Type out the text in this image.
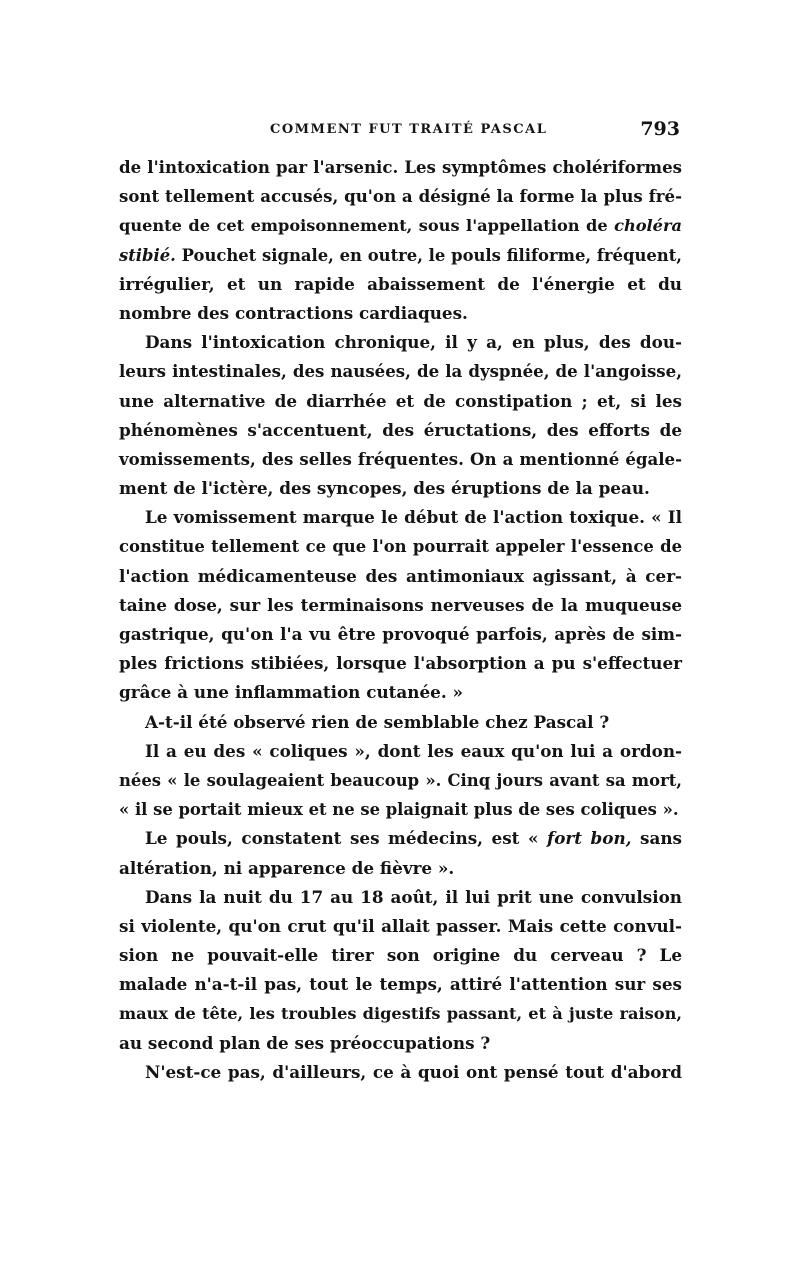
COMMENT FUT TRAITÉ PASCAL	793
de l'intoxication par l'arsenic. Les symptômes cholériformes
sont tellement accusés, qu'on a désigné la forme la plus fré-
quente de cet empoisonnement, sous l'appellation de choléra
stibié. Pouchet signale, en outre, le pouls filiforme, fréquent,
irrégulier, et un rapide abaissement de l'énergie et du
nombre des contractions cardiaques.
Dans l'intoxication chronique, il y a, en plus, des dou-
leurs intestinales, des nausées, de la dyspnée, de l'angoisse,
une alternative de diarrhée et de constipation ; et, si les
phénomènes s'accentuent, des éructations, des efforts de
vomissements, des selles fréquentes. On a mentionné égale-
ment de l'ictère, des syncopes, des éruptions de la peau.
Le vomissement marque le début de l'action toxique. « Il
constitue tellement ce que l'on pourrait appeler l'essence de
l'action médicamenteuse des antimoniaux agissant, à cer-
taine dose, sur les terminaisons nerveuses de la muqueuse
gastrique, qu'on l'a vu être provoqué parfois, après de sim-
ples frictions stibiées, lorsque l'absorption a pu s'effectuer
grâce à une inflammation cutanée. »
A-t-il été observé rien de semblable chez Pascal ?
Il a eu des « coliques », dont les eaux qu'on lui a ordon-
nées « le soulageaient beaucoup ». Cinq jours avant sa mort,
« il se portait mieux et ne se plaignait plus de ses coliques ».
Le pouls, constatent ses médecins, est « fort bon, sans
altération, ni apparence de fièvre ».
Dans la nuit du 17 au 18 août, il lui prit une convulsion
si violente, qu'on crut qu'il allait passer. Mais cette convul-
sion ne pouvait-elle tirer son origine du cerveau ? Le
malade n'a-t-il pas, tout le temps, attiré l'attention sur ses
maux de tête, les troubles digestifs passant, et à juste raison,
au second plan de ses préoccupations ?
N'est-ce pas, d'ailleurs, ce à quoi ont pensé tout d'abord
